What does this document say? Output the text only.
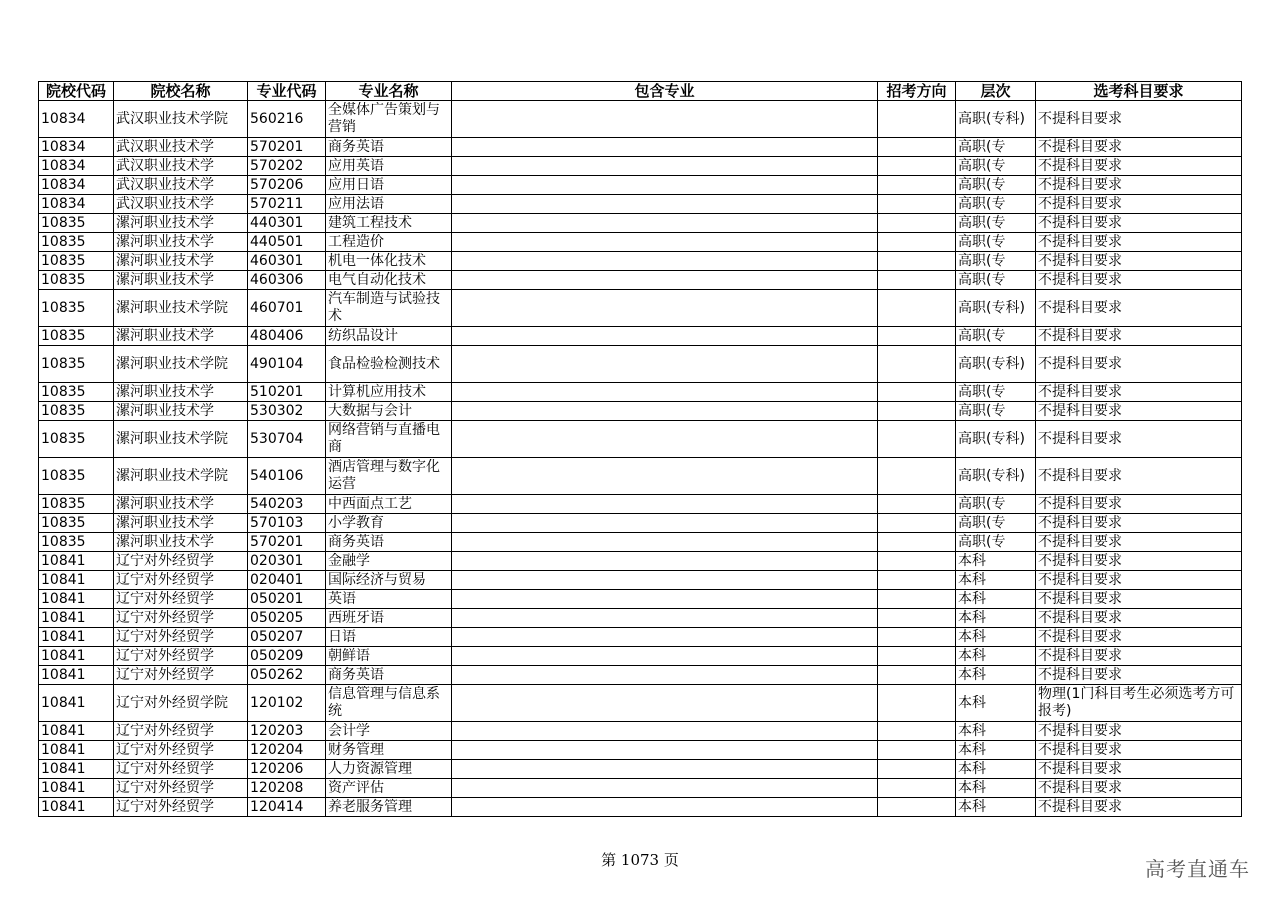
院校代码	院校名称	专业代码	专业名称	包含专业	招考方向	层次	选考科目要求

10834	武汉职业技术学院	560216	全媒体广告策划与营销			高职(专科)	不提科目要求

10834	武汉职业技术学	570201	商务英语			高职(专	不提科目要求
10834	武汉职业技术学	570202	应用英语			高职(专	不提科目要求
10834	武汉职业技术学	570206	应用日语			高职(专	不提科目要求
10834	武汉职业技术学	570211	应用法语			高职(专	不提科目要求
10835	漯河职业技术学	440301	建筑工程技术			高职(专	不提科目要求
10835	漯河职业技术学	440501	工程造价			高职(专	不提科目要求
10835	漯河职业技术学	460301	机电一体化技术			高职(专	不提科目要求
10835	漯河职业技术学	460306	电气自动化技术			高职(专	不提科目要求

10835	漯河职业技术学院	460701	汽车制造与试验技术			高职(专科)	不提科目要求

10835	漯河职业技术学	480406	纺织品设计			高职(专	不提科目要求

10835	漯河职业技术学院	490104	食品检验检测技术			高职(专科)	不提科目要求

10835	漯河职业技术学	510201	计算机应用技术			高职(专	不提科目要求
10835	漯河职业技术学	530302	大数据与会计			高职(专	不提科目要求

10835	漯河职业技术学院	530704	网络营销与直播电商			高职(专科)	不提科目要求

10835	漯河职业技术学院	540106	酒店管理与数字化运营			高职(专科)	不提科目要求

10835	漯河职业技术学	540203	中西面点工艺			高职(专	不提科目要求
10835	漯河职业技术学	570103	小学教育			高职(专	不提科目要求
10835	漯河职业技术学	570201	商务英语			高职(专	不提科目要求
10841	辽宁对外经贸学	020301	金融学			本科	不提科目要求
10841	辽宁对外经贸学	020401	国际经济与贸易			本科	不提科目要求
10841	辽宁对外经贸学	050201	英语			本科	不提科目要求
10841	辽宁对外经贸学	050205	西班牙语			本科	不提科目要求
10841	辽宁对外经贸学	050207	日语			本科	不提科目要求
10841	辽宁对外经贸学	050209	朝鲜语			本科	不提科目要求
10841	辽宁对外经贸学	050262	商务英语			本科	不提科目要求

10841	辽宁对外经贸学院	120102	信息管理与信息系统			本科	物理(1门科目考生必须选考方可报考)

10841	辽宁对外经贸学	120203	会计学			本科	不提科目要求
10841	辽宁对外经贸学	120204	财务管理			本科	不提科目要求
10841	辽宁对外经贸学	120206	人力资源管理			本科	不提科目要求
10841	辽宁对外经贸学	120208	资产评估			本科	不提科目要求
10841	辽宁对外经贸学	120414	养老服务管理			本科	不提科目要求
第 1073 页	高考直通车
